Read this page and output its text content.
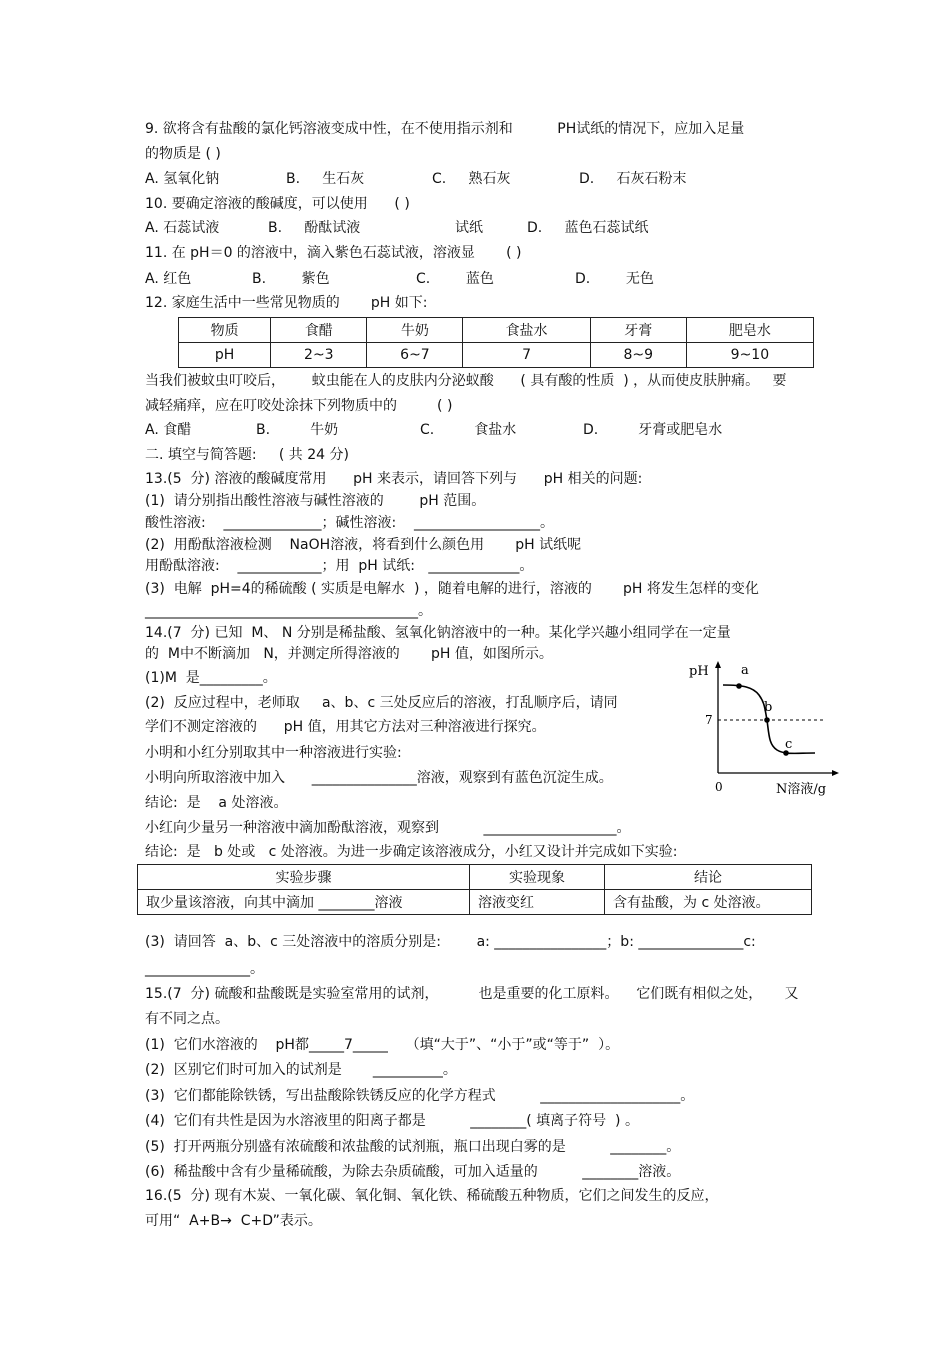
9. 欲将含有盐酸的氯化钙溶液变成中性，在不使用指示剂和          PH试纸的情况下，应加入足量
的物质是 ( )
A. 氢氧化钠	B.     生石灰	C.     熟石灰	D.     石灰石粉末
10. 要确定溶液的酸碱度，可以使用      ( )
A. 石蕊试液	B.     酚酞试液	试纸	D.     蓝色石蕊试纸
11. 在 pH＝0 的溶液中，滴入紫色石蕊试液，溶液显       ( )
A. 红色	B.        紫色	C.        蓝色	D.        无色
12. 家庭生活中一些常见物质的       pH 如下:
物质	食醋	牛奶	食盐水	牙膏	肥皂水
pH	2~3	6~7	7	8~9	9~10
当我们被蚊虫叮咬后，      蚊虫能在人的皮肤内分泌蚁酸      ( 具有酸的性质  ) ，从而使皮肤肿痛。   要
减轻痛痒，应在叮咬处涂抹下列物质中的         ( )
A. 食醋	B.         牛奶	C.         食盐水	D.         牙膏或肥皂水
二. 填空与简答题:     ( 共 24 分)
13.(5  分) 溶液的酸碱度常用      pH 来表示，请回答下列与      pH 相关的问题:
(1)  请分别指出酸性溶液与碱性溶液的        pH 范围。
酸性溶液:    ______________；碱性溶液:    __________________。
(2)  用酚酞溶液检测    NaOH溶液，将看到什么颜色用       pH 试纸呢
用酚酞溶液:    ____________；用  pH 试纸:   _____________。
(3)  电解  pH=4的稀硫酸 ( 实质是电解水  ) ，随着电解的进行，溶液的       pH 将发生怎样的变化
_______________________________________。
14.(7  分) 已知  M、 N 分别是稀盐酸、氢氧化钠溶液中的一种。某化学兴趣小组同学在一定量
的  M中不断滴加   N，并测定所得溶液的       pH 值，如图所示。
(1)M  是_________。
(2)  反应过程中，老师取     a、b、c 三处反应后的溶液，打乱顺序后，请同
学们不测定溶液的      pH 值，用其它方法对三种溶液进行探究。
小明和小红分别取其中一种溶液进行实验:
小明向所取溶液中加入      _______________溶液，观察到有蓝色沉淀生成。
结论:  是    a 处溶液。
小红向少量另一种溶液中滴加酚酞溶液，观察到          ___________________。
结论:  是   b 处或   c 处溶液。为进一步确定该溶液成分，小红又设计并完成如下实验:
pH
7
0	N溶液/g
a
b
c
实验步骤	实验现象	结论
取少量该溶液，向其中滴加 ________溶液	溶液变红	含有盐酸，为 c 处溶液。
(3)  请回答  a、b、c 三处溶液中的溶质分别是:        a: ________________；b: _______________c:
_______________。
15.(7  分) 硫酸和盐酸既是实验室常用的试剂，         也是重要的化工原料。    它们既有相似之处，     又
有不同之点。
(1)  它们水溶液的    pH都_____7_____    （填“大于”、“小于”或“等于”  ）。
(2)  区别它们时可加入的试剂是       __________。
(3)  它们都能除铁锈，写出盐酸除铁锈反应的化学方程式          ____________________。
(4)  它们有共性是因为水溶液里的阳离子都是          ________( 填离子符号  ) 。
(5)  打开两瓶分别盛有浓硫酸和浓盐酸的试剂瓶，瓶口出现白雾的是          ________。
(6)  稀盐酸中含有少量稀硫酸，为除去杂质硫酸，可加入适量的          ________溶液。
16.(5  分) 现有木炭、一氧化碳、氧化铜、氧化铁、稀硫酸五种物质，它们之间发生的反应，
可用“  A+B→  C+D”表示。
